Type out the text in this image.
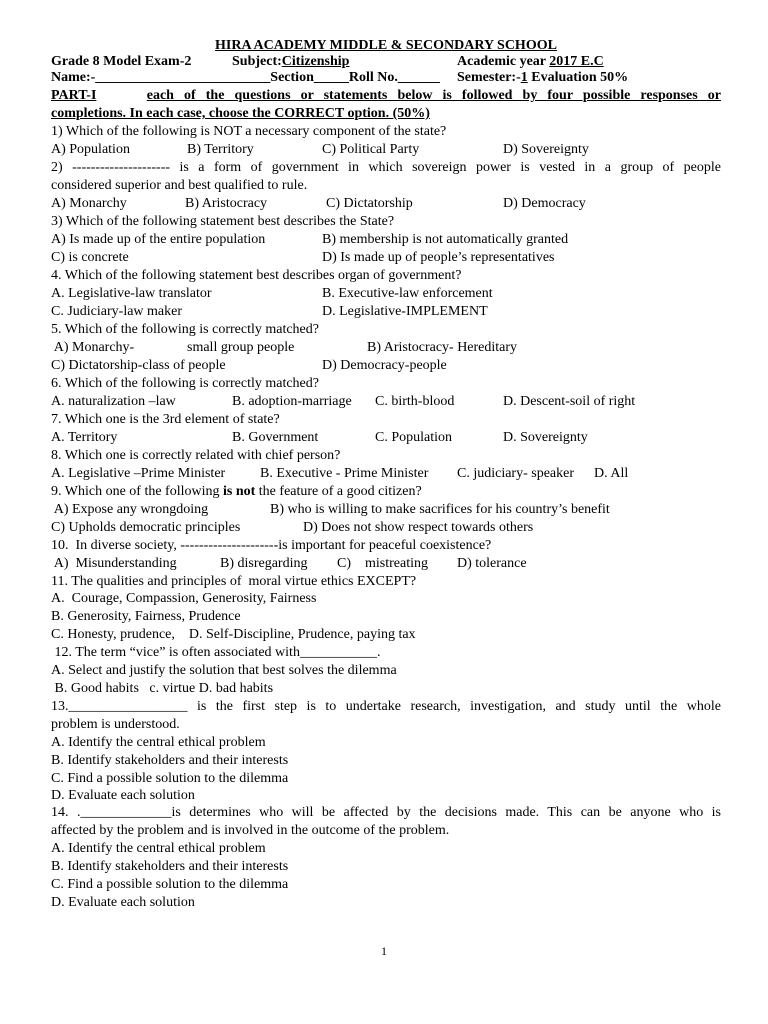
HIRA ACADEMY MIDDLE & SECONDARY SCHOOL

Grade 8 Model Exam-2

	Subject:Citizenship

	Academic year 2017 E.C

Name:-_________________________Section_____Roll No.______

Semester:-1 Evaluation 50%

PART-I	each of the questions or statements below is followed by four possible responses or
completions. In each case, choose the CORRECT option. (50%)
1) Which of the following is NOT a necessary component of the state?

A) Population

	B) Territory

	C) Political Party

	D) Sovereignty

2) --------------------- is a form of government in which sovereign power is vested in a group of people
considered superior and best qualified to rule.

A) Monarchy

	B) Aristocracy

	C) Dictatorship

	D) Democracy

3) Which of the following statement best describes the State?

A) Is made up of the entire population

	B) membership is not automatically granted

C) is concrete

	D) Is made up of people’s representatives

4. Which of the following statement best describes organ of government?

A. Legislative-law translator

	B. Executive-law enforcement

C. Judiciary-law maker

	D. Legislative-IMPLEMENT

5. Which of the following is correctly matched?

A) Monarchy-

	small group people

	B) Aristocracy- Hereditary

C) Dictatorship-class of people

	D) Democracy-people

6. Which of the following is correctly matched?

A. naturalization –law

	B. adoption-marriage

C. birth-blood

	D. Descent-soil of right

7. Which one is the 3rd element of state?

A. Territory

	B. Government

	C. Population

	D. Sovereignty

8. Which one is correctly related with chief person?

A. Legislative –Prime Minister

B. Executive - Prime Minister

C. judiciary- speaker

D. All

9. Which one of the following is not the feature of a good citizen?

A) Expose any wrongdoing

	B) who is willing to make sacrifices for his country’s benefit

C) Upholds democratic principles

	D) Does not show respect towards others

10.  In diverse society, ---------------------is important for peaceful coexistence?

A)  Misunderstanding

	B) disregarding

C)    mistreating

D) tolerance

11. The qualities and principles of  moral virtue ethics EXCEPT?
A.  Courage, Compassion, Generosity, Fairness
B. Generosity, Fairness, Prudence
C. Honesty, prudence,    D. Self-Discipline, Prudence, paying tax
12. The term “vice” is often associated with___________.
A. Select and justify the solution that best solves the dilemma
B. Good habits   c. virtue D. bad habits
13._________________ is the first step is to undertake research, investigation, and study until the whole
problem is understood.
A. Identify the central ethical problem
B. Identify stakeholders and their interests
C. Find a possible solution to the dilemma
D. Evaluate each solution
14. ._____________is determines who will be affected by the decisions made. This can be anyone who is
affected by the problem and is involved in the outcome of the problem.
A. Identify the central ethical problem
B. Identify stakeholders and their interests
C. Find a possible solution to the dilemma
D. Evaluate each solution
1
